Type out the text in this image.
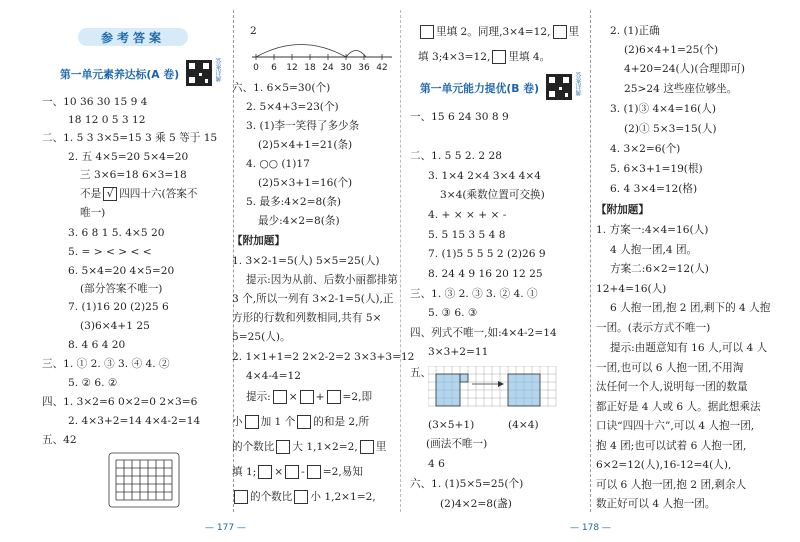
参考答案
答案详解
答案详解
第一单元素养达标(A 卷)
一、10 36 30 15 9 4
18 12 0 5 3 12
二、1. 5 3 3×5=15 3 乘 5 等于 15
2. 五 4×5=20 5×4=20
三 3×6=18 6×3=18
不是 √ 四四十六(答案不
唯一)
3. 6 8 1 5. 4×5 20
5. = > < > < <
6. 5×4=20 4×5=20
(部分答案不唯一)
7. (1)16 20 (2)25 6
(3)6×4+1 25
8. 4 6 4 20
三、1. ① 2. ③ 3. ④ 4. ②
5. ② 6. ②
四、1. 3×2=6 0×2=0 2×3=6
2. 4×3+2=14 4×4-2=14
五、42
2
0 6 12 18 24 30 36 42
六、1. 6×5=30(个)
2. 5×4+3=23(个)
3. (1)李一笑得了多少条
(2)5×4+1=21(条)
4. ○○ (1)17
(2)5×3+1=16(个)
5. 最多:4×2=8(条)
最少:4×2=8(条)
【附加题】
1. 3×2-1=5(人) 5×5=25(人)
提示:因为从前、后数小丽都排第
3 个,所以一列有 3×2-1=5(人),正
方形的行数和列数相同,共有 5×
5=25(人)。
2. 1×1+1=2 2×2-2=2 3×3+3=12
4×4-4=12
提示: × + =2,即
小 加 1 个 的和是 2,所
的个数比 大 1,1×2=2, 里
填 1; × - =2,易知
的个数比 小 1,2×1=2,
里填 2。同理,3×4=12, 里
填 3;4×3=12, 里填 4。
第一单元能力提优(B 卷)
一、15 6 24 30 8 9
二、1. 5 5 2. 2 28
3. 1×4 2×4 3×4 4×4
3×4(乘数位置可交换)
4. + × × + × -
5. 5 15 3 5 4 8
7. (1)5 5 5 5 2 (2)26 9
8. 24 4 9 16 20 12 25
三、1. ③ 2. ③ 3. ② 4. ①
5. ③ 6. ③
四、列式不唯一,如:4×4-2=14
3×3+2=11
五、
(3×5+1)	(4×4)
(画法不唯一)
4 6
六、1. (1)5×5=25(个)
(2)4×2=8(盏)
2. (1)正确
(2)6×4+1=25(个)
4+20=24(人)(合理即可)
25>24 这些座位够坐。
3. (1)③ 4×4=16(人)
(2)① 5×3=15(人)
4. 3×2=6(个)
5. 6×3+1=19(根)
6. 4 3×4=12(格)
【附加题】
1. 方案一:4×4=16(人)
4 人抱一团,4 团。
方案二:6×2=12(人)
12+4=16(人)
6 人抱一团,抱 2 团,剩下的 4 人抱
一团。(表示方式不唯一)
提示:由题意知有 16 人,可以 4 人
一团,也可以 6 人抱一团,不用淘
汰任何一个人,说明每一团的数量
都正好是 4 人或 6 人。据此想乘法
口诀“四四十六”,可以 4 人抱一团,
抱 4 团;也可以试着 6 人抱一团,
6×2=12(人),16-12=4(人),
可以 6 人抱一团,抱 2 团,剩余人
数正好可以 4 人抱一团。
— 177 —	— 178 —
